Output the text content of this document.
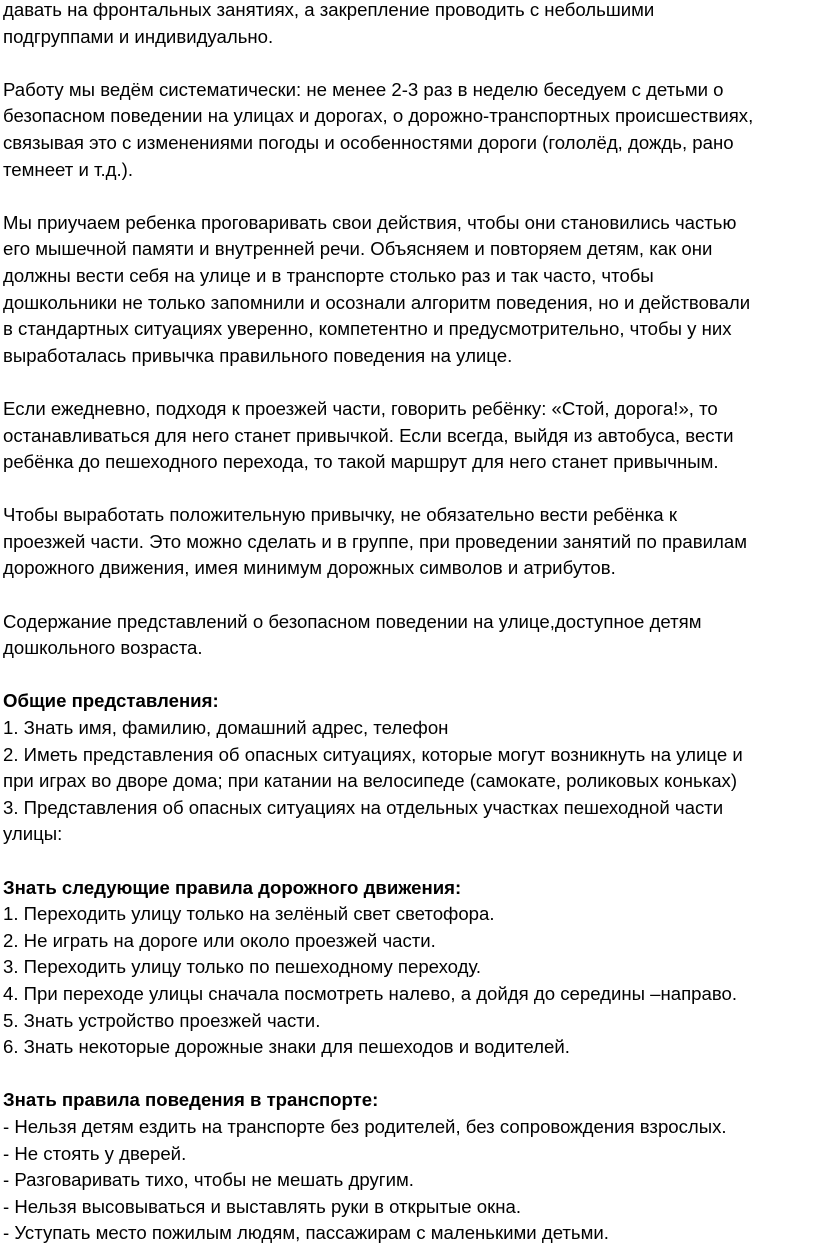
давать на фронтальных занятиях, а закрепление проводить с небольшими

подгруппами и индивидуально.

Работу мы ведём систематически: не менее 2-3 раз в неделю беседуем с детьми о

безопасном поведении на улицах и дорогах, о дорожно-транспортных происшествиях,

связывая это с изменениями погоды и особенностями дороги (гололёд, дождь, рано

темнеет и т.д.).

Мы приучаем ребенка проговаривать свои действия, чтобы они становились частью

его мышечной памяти и внутренней речи. Объясняем и повторяем детям, как они

должны вести себя на улице и в транспорте столько раз и так часто, чтобы

дошкольники не только запомнили и осознали алгоритм поведения, но и действовали

в стандартных ситуациях уверенно, компетентно и предусмотрительно, чтобы у них

выработалась привычка правильного поведения на улице.

Если ежедневно, подходя к проезжей части, говорить ребёнку: «Стой, дорога!», то

останавливаться для него станет привычкой. Если всегда, выйдя из автобуса, вести

ребёнка до пешеходного перехода, то такой маршрут для него станет привычным.

Чтобы выработать положительную привычку, не обязательно вести ребёнка к

проезжей части. Это можно сделать и в группе, при проведении занятий по правилам

дорожного движения, имея минимум дорожных символов и атрибутов.

Содержание представлений о безопасном поведении на улице,доступное детям

дошкольного возраста.

Общие представления:

1. Знать имя, фамилию, домашний адрес, телефон

2. Иметь представления об опасных ситуациях, которые могут возникнуть на улице и

при играх во дворе дома; при катании на велосипеде (самокате, роликовых коньках)

3. Представления об опасных ситуациях на отдельных участках пешеходной части

улицы:

Знать следующие правила дорожного движения:

1. Переходить улицу только на зелёный свет светофора.

2. Не играть на дороге или около проезжей части.

3. Переходить улицу только по пешеходному переходу.

4. При переходе улицы сначала посмотреть налево, а дойдя до середины –направо.

5. Знать устройство проезжей части.

6. Знать некоторые дорожные знаки для пешеходов и водителей.

Знать правила поведения в транспорте:

- Нельзя детям ездить на транспорте без родителей, без сопровождения взрослых.

- Не стоять у дверей.

- Разговаривать тихо, чтобы не мешать другим.

- Нельзя высовываться и выставлять руки в открытые окна.

- Уступать место пожилым людям, пассажирам с маленькими детьми.
